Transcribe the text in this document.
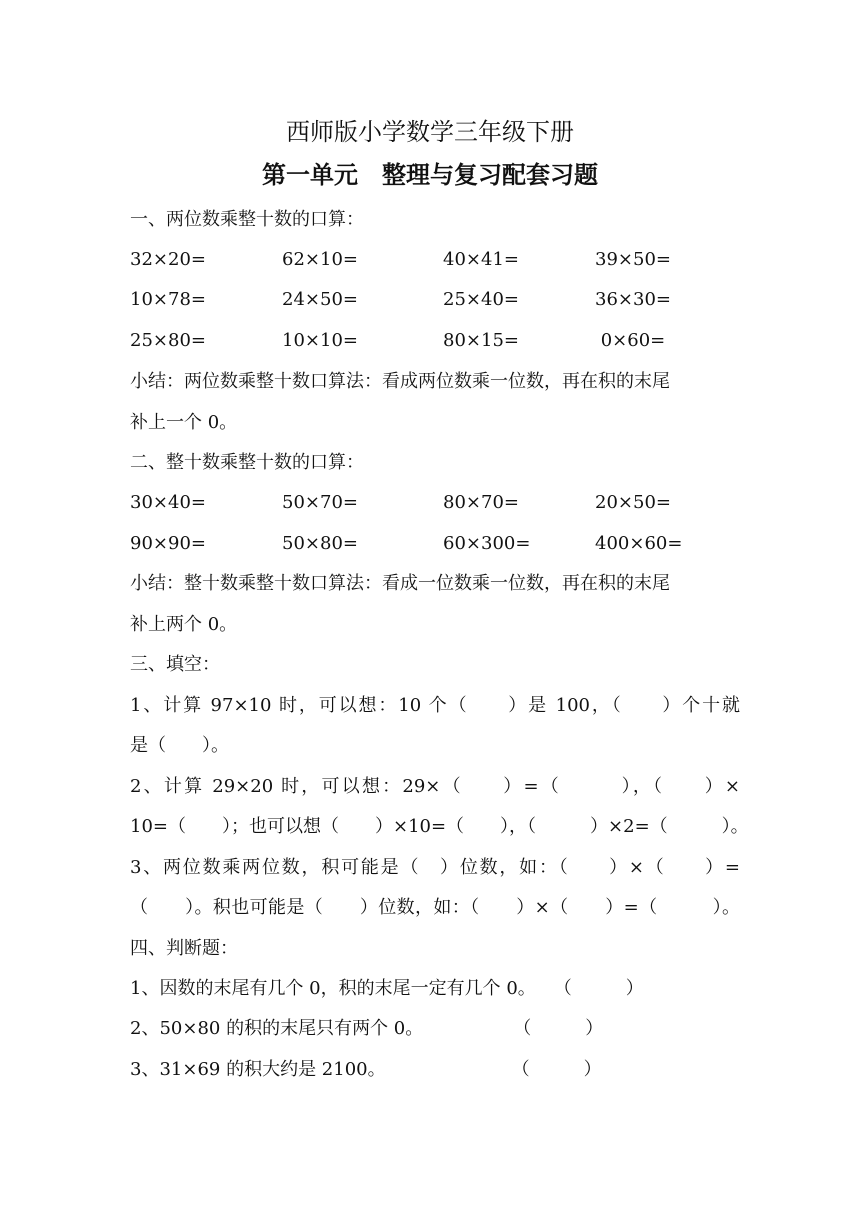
西师版小学数学三年级下册
第一单元　整理与复习配套习题
一、两位数乘整十数的口算：
32×20=	62×10=	40×41=	39×50=
10×78=	24×50=	25×40=	36×30=
25×80=	10×10=	80×15=	0×60=
小结：两位数乘整十数口算法：看成两位数乘一位数，再在积的末尾
补上一个 0。
二、整十数乘整十数的口算：
30×40=	50×70=	80×70=	20×50=
90×90=	50×80=	60×300=	400×60=
小结：整十数乘整十数口算法：看成一位数乘一位数，再在积的末尾
补上两个 0。
三、填空：
1、计算 97×10 时，可以想：10 个（　　）是 100，（　　）个十就
是（　　）。
2、计算 29×20 时，可以想：29×（　　）=（　　　），（　　）×
10=（　　）；也可以想（　　）×10=（　　），（　　　）×2=（　　　）。
3、两位数乘两位数，积可能是（　）位数，如：（　　）×（　　）=
（　　）。积也可能是（　　）位数，如：（　　）×（　　）=（　　　）。
四、判断题：
1、因数的末尾有几个 0，积的末尾一定有几个 0。　　（　　　）
2、50×80 的积的末尾只有两个 0。　　　　　　（　　　）
3、31×69 的积大约是 2100。　　　　　　　　（　　　）
